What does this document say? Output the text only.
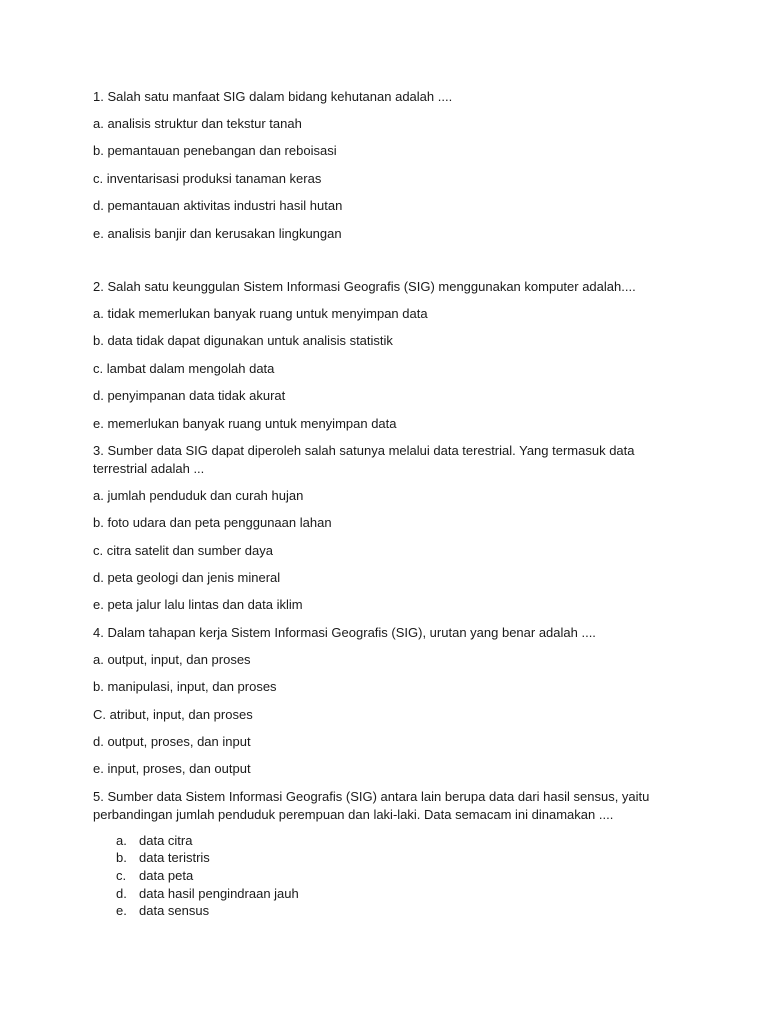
1. Salah satu manfaat SIG dalam bidang kehutanan adalah ....

a. analisis struktur dan tekstur tanah

b. pemantauan penebangan dan reboisasi

c. inventarisasi produksi tanaman keras

d. pemantauan aktivitas industri hasil hutan

e. analisis banjir dan kerusakan lingkungan

2. Salah satu keunggulan Sistem Informasi Geografis (SIG) menggunakan komputer adalah....

a. tidak memerlukan banyak ruang untuk menyimpan data

b. data tidak dapat digunakan untuk analisis statistik

c. lambat dalam mengolah data

d. penyimpanan data tidak akurat

e. memerlukan banyak ruang untuk menyimpan data

3. Sumber data SIG dapat diperoleh salah satunya melalui data terestrial. Yang termasuk data terrestrial adalah ...

a. jumlah penduduk dan curah hujan

b. foto udara dan peta penggunaan lahan

c. citra satelit dan sumber daya

d. peta geologi dan jenis mineral

e. peta jalur lalu lintas dan data iklim

4. Dalam tahapan kerja Sistem Informasi Geografis (SIG), urutan yang benar adalah ....

a. output, input, dan proses

b. manipulasi, input, dan proses

C. atribut, input, dan proses

d. output, proses, dan input

e. input, proses, dan output

5. Sumber data Sistem Informasi Geografis (SIG) antara lain berupa data dari hasil sensus, yaitu perbandingan jumlah penduduk perempuan dan laki-laki. Data semacam ini dinamakan ....

a. data citra
b. data teristris
c. data peta
d. data hasil pengindraan jauh
e. data sensus
